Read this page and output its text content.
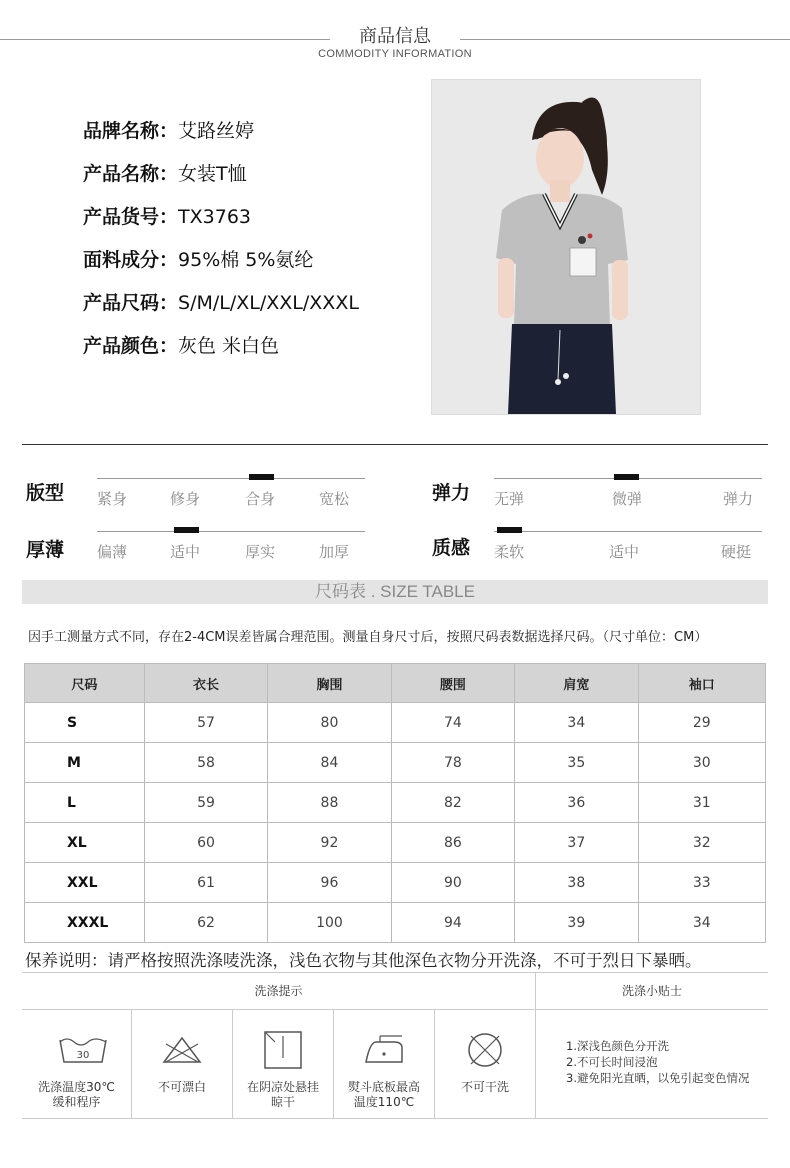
商品信息
COMMODITY INFORMATION
品牌名称：艾路丝婷
产品名称：女装T恤
产品货号：TX3763
面料成分：95%棉 5%氨纶
产品尺码：S/M/L/XL/XXL/XXXL
产品颜色：灰色 米白色
版型 紧身	修身	合身	宽松	弹力 无弹	微弹	弹力
厚薄 偏薄	适中	厚实	加厚	质感 柔软	适中	硬挺
尺码表 . SIZE TABLE
因手工测量方式不同，存在2-4CM误差皆属合理范围。测量自身尺寸后，按照尺码表数据选择尺码。（尺寸单位：CM）
尺码	衣长	胸围	腰围	肩宽	袖口
S	57	80	74	34	29
M	58	84	78	35	30
L	59	88	82	36	31
XL	60	92	86	37	32
XXL	61	96	90	38	33
XXXL	62	100	94	39	34
保养说明：请严格按照洗涤唛洗涤，浅色衣物与其他深色衣物分开洗涤，不可于烈日下暴晒。
洗涤提示	洗涤小贴士
30
洗涤温度30℃
缓和程序
不可漂白	在阴凉处悬挂
晾干
熨斗底板最高
温度110℃
不可干洗
1.深浅色颜色分开洗
2.不可长时间浸泡
3.避免阳光直晒，以免引起变色情况
